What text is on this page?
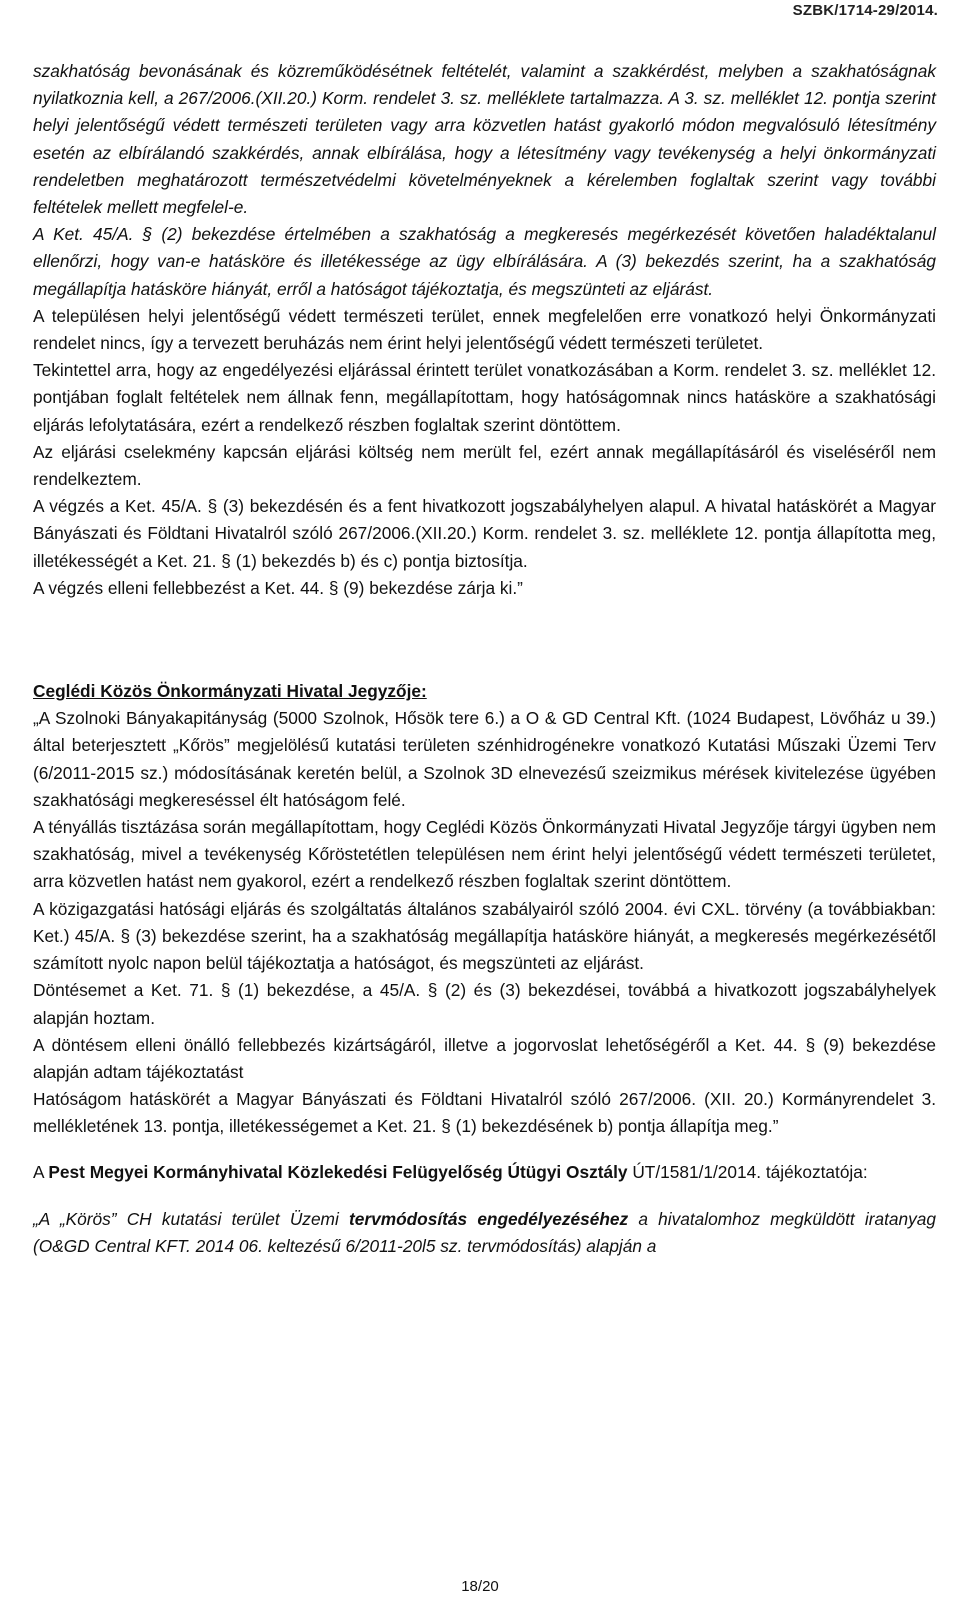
SZBK/1714-29/2014.

szakhatóság bevonásának és közreműködésétnek feltételét, valamint a szakkérdést, melyben a szakhatóságnak nyilatkoznia kell, a 267/2006.(XII.20.) Korm. rendelet 3. sz. melléklete tartalmazza. A 3. sz. melléklet 12. pontja szerint helyi jelentőségű védett természeti területen vagy arra közvetlen hatást gyakorló módon megvalósuló létesítmény esetén az elbírálandó szakkérdés, annak elbírálása, hogy a létesítmény vagy tevékenység a helyi önkormányzati rendeletben meghatározott természetvédelmi követelményeknek a kérelemben foglaltak szerint vagy további feltételek mellett megfelel-e.

A Ket. 45/A. § (2) bekezdése értelmében a szakhatóság a megkeresés megérkezését követően haladéktalanul ellenőrzi, hogy van-e hatásköre és illetékessége az ügy elbírálására. A (3) bekezdés szerint, ha a szakhatóság megállapítja hatásköre hiányát, erről a hatóságot tájékoztatja, és megszünteti az eljárást.

A településen helyi jelentőségű védett természeti terület, ennek megfelelően erre vonatkozó helyi Önkormányzati rendelet nincs, így a tervezett beruházás nem érint helyi jelentőségű védett természeti területet.

Tekintettel arra, hogy az engedélyezési eljárással érintett terület vonatkozásában a Korm. rendelet 3. sz. melléklet 12. pontjában foglalt feltételek nem állnak fenn, megállapítottam, hogy hatóságomnak nincs hatásköre a szakhatósági eljárás lefolytatására, ezért a rendelkező részben foglaltak szerint döntöttem.

Az eljárási cselekmény kapcsán eljárási költség nem merült fel, ezért annak megállapításáról és viseléséről nem rendelkeztem.

A végzés a Ket. 45/A. § (3) bekezdésén és a fent hivatkozott jogszabályhelyen alapul. A hivatal hatáskörét a Magyar Bányászati és Földtani Hivatalról szóló 267/2006.(XII.20.) Korm. rendelet 3. sz. melléklete 12. pontja állapította meg, illetékességét a Ket. 21. § (1) bekezdés b) és c) pontja biztosítja.

A végzés elleni fellebbezést a Ket. 44. § (9) bekezdése zárja ki.”

Ceglédi Közös Önkormányzati Hivatal Jegyzője:

„A Szolnoki Bányakapitányság (5000 Szolnok, Hősök tere 6.) a O & GD Central Kft. (1024 Budapest, Lövőház u 39.) által beterjesztett „Kőrös” megjelölésű kutatási területen szénhidrogénekre vonatkozó Kutatási Műszaki Üzemi Terv (6/2011-2015 sz.) módosításának keretén belül, a Szolnok 3D elnevezésű szeizmikus mérések kivitelezése ügyében szakhatósági megkereséssel élt hatóságom felé.

A tényállás tisztázása során megállapítottam, hogy Ceglédi Közös Önkormányzati Hivatal Jegyzője tárgyi ügyben nem szakhatóság, mivel a tevékenység Kőröstetétlen településen nem érint helyi jelentőségű védett természeti területet, arra közvetlen hatást nem gyakorol, ezért a rendelkező részben foglaltak szerint döntöttem.

A közigazgatási hatósági eljárás és szolgáltatás általános szabályairól szóló 2004. évi CXL. törvény (a továbbiakban: Ket.) 45/A. § (3) bekezdése szerint, ha a szakhatóság megállapítja hatásköre hiányát, a megkeresés megérkezésétől számított nyolc napon belül tájékoztatja a hatóságot, és megszünteti az eljárást.

Döntésemet a Ket. 71. § (1) bekezdése, a 45/A. § (2) és (3) bekezdései, továbbá a hivatkozott jogszabályhelyek alapján hoztam.

A döntésem elleni önálló fellebbezés kizártságáról, illetve a jogorvoslat lehetőségéről a Ket. 44. § (9) bekezdése alapján adtam tájékoztatást

Hatóságom hatáskörét a Magyar Bányászati és Földtani Hivatalról szóló 267/2006. (XII. 20.) Kormányrendelet 3. mellékletének 13. pontja, illetékességemet a Ket. 21. § (1) bekezdésének b) pontja állapítja meg.”

A Pest Megyei Kormányhivatal Közlekedési Felügyelőség Útügyi Osztály ÚT/1581/1/2014. tájékoztatója:

„A „Körös” CH kutatási terület Üzemi tervmódosítás engedélyezéséhez a hivatalomhoz megküldött iratanyag (O&GD Central KFT. 2014 06. keltezésű 6/2011-20l5 sz. tervmódosítás) alapján a

18/20
